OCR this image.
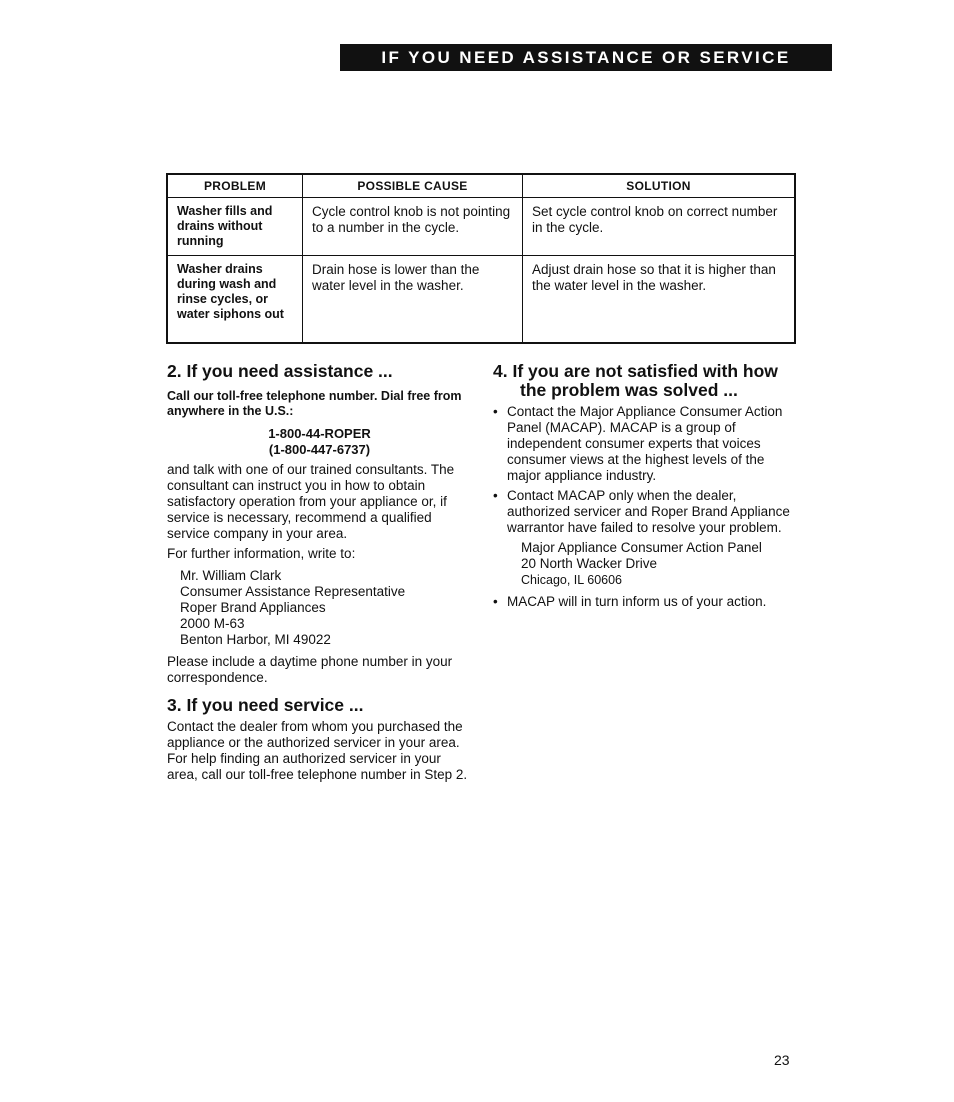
IF YOU NEED ASSISTANCE OR SERVICE
PROBLEM	POSSIBLE CAUSE	SOLUTION
Washer fills and drains without running	Cycle control knob is not pointing to a number in the cycle.	Set cycle control knob on correct number in the cycle.
Washer drains during wash and rinse cycles, or water siphons out	Drain hose is lower than the water level in the washer.	Adjust drain hose so that it is higher than the water level in the washer.
2. If you need assistance ...

Call our toll-free telephone number. Dial free from anywhere in the U.S.:

1-800-44-ROPER
(1-800-447-6737)

and talk with one of our trained consultants. The consultant can instruct you in how to obtain satisfactory operation from your appliance or, if service is necessary, recommend a qualified service company in your area.

For further information, write to:

Mr. William Clark
Consumer Assistance Representative
Roper Brand Appliances
2000 M-63
Benton Harbor, MI 49022

Please include a daytime phone number in your correspondence.

3. If you need service ...

Contact the dealer from whom you purchased the appliance or the authorized servicer in your area. For help finding an authorized servicer in your area, call our toll-free telephone number in Step 2.

4. If you are not satisfied with how the problem was solved ...
• Contact the Major Appliance Consumer Action Panel (MACAP). MACAP is a group of independent consumer experts that voices consumer views at the highest levels of the major appliance industry.
• Contact MACAP only when the dealer, authorized servicer and Roper Brand Appliance warrantor have failed to resolve your problem.
Major Appliance Consumer Action Panel
20 North Wacker Drive
Chicago, IL 60606
• MACAP will in turn inform us of your action.
23
